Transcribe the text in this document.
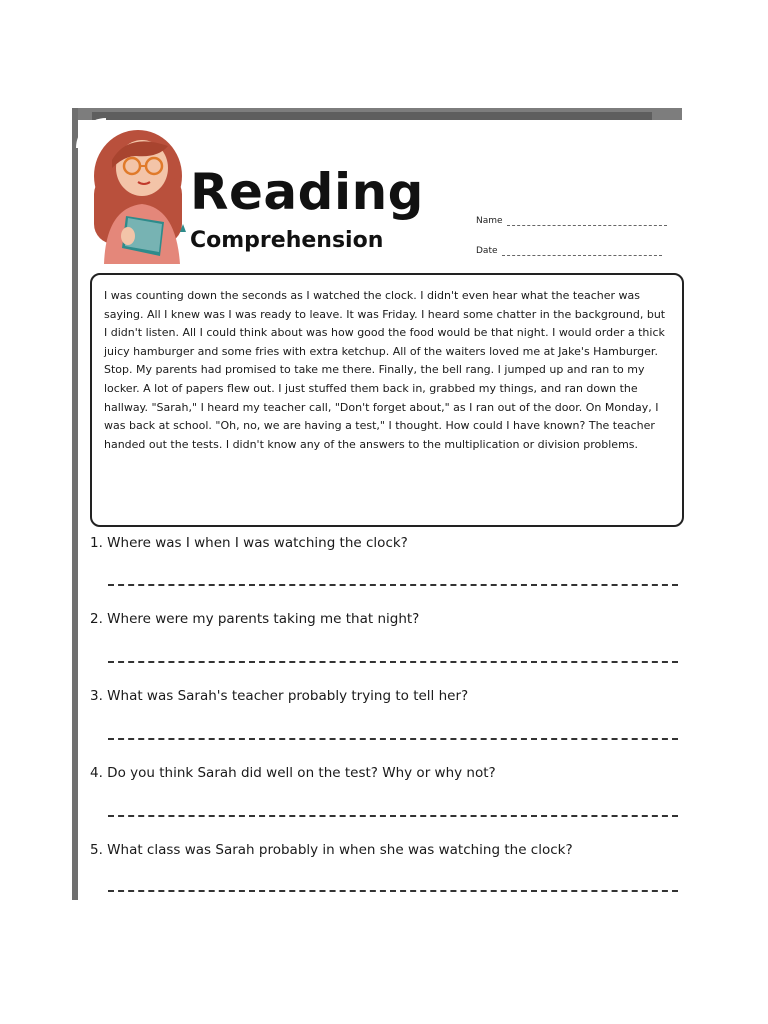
Reading
Comprehension
Name
Date
I was counting down the seconds as I watched the clock. I didn't even hear what the teacher was saying. All I knew was I was ready to leave. It was Friday. I heard some chatter in the background, but I didn't listen. All I could think about was how good the food would be that night. I would order a thick juicy hamburger and some fries with extra ketchup. All of the waiters loved me at Jake's Hamburger. Stop. My parents had promised to take me there. Finally, the bell rang. I jumped up and ran to my locker. A lot of papers flew out. I just stuffed them back in, grabbed my things, and ran down the hallway. "Sarah," I heard my teacher call, "Don't forget about," as I ran out of the door. On Monday, I was back at school. "Oh, no, we are having a test," I thought. How could I have known? The teacher handed out the tests. I didn't know any of the answers to the multiplication or division problems.
1. Where was I when I was watching the clock?
2. Where were my parents taking me that night?
3. What was Sarah's teacher probably trying to tell her?
4. Do you think Sarah did well on the test? Why or why not?
5. What class was Sarah probably in when she was watching the clock?
